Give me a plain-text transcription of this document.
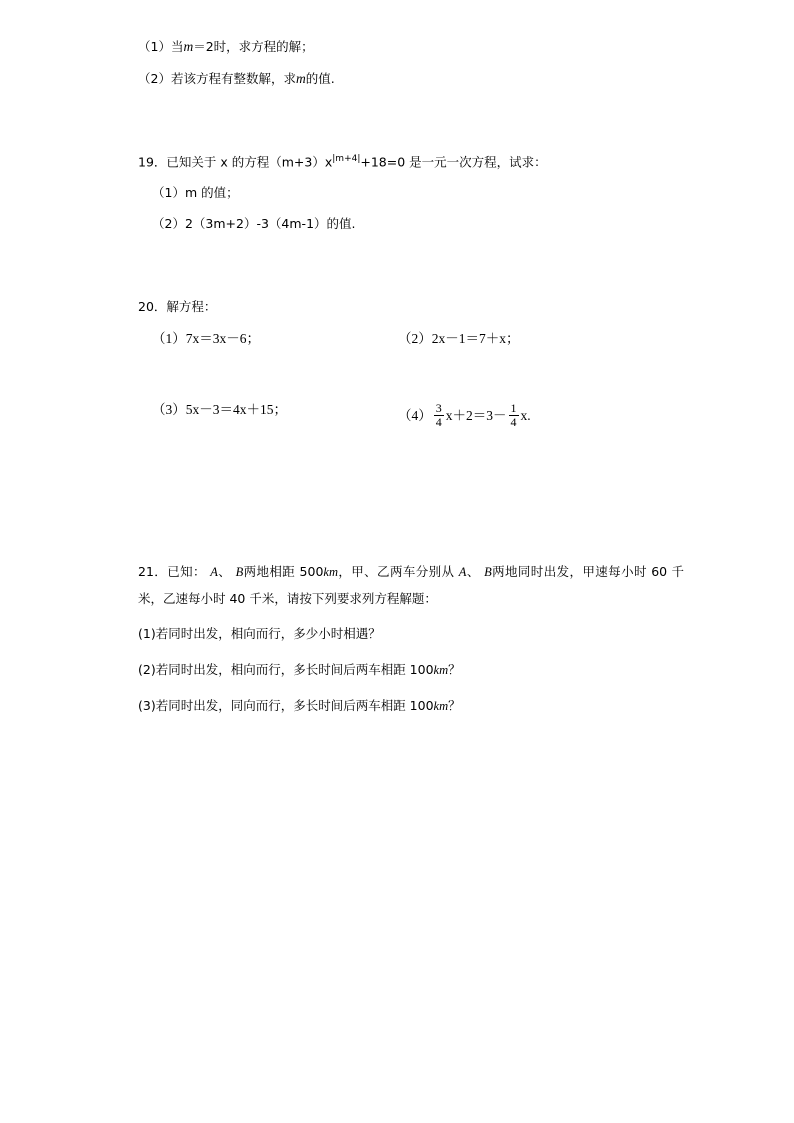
（1）当m＝2时，求方程的解；
（2）若该方程有整数解，求m的值.
19．已知关于 x 的方程$(m+3)x^{|m+4|}+18=0$ 是一元一次方程，试求：
（1）m 的值；
（2）2（3m+2）-3（4m-1）的值.
20．解方程：
（1）7x＝3x－6；	（2）2x－1＝7＋x；
（3）5x－3＝4x＋15；	$(4) \frac{3}{4} x+2=3- \frac{1}{4} x$.
21．已知： A、 B两地相距 500km，甲、乙两车分别从 A、 B两地同时出发，甲速每小时 60 千米，乙速每小时 40 千米，请按下列要求列方程解题：
(1)若同时出发，相向而行，多少小时相遇？
(2)若同时出发，相向而行，多长时间后两车相距 100km？
(3)若同时出发，同向而行，多长时间后两车相距 100km？
